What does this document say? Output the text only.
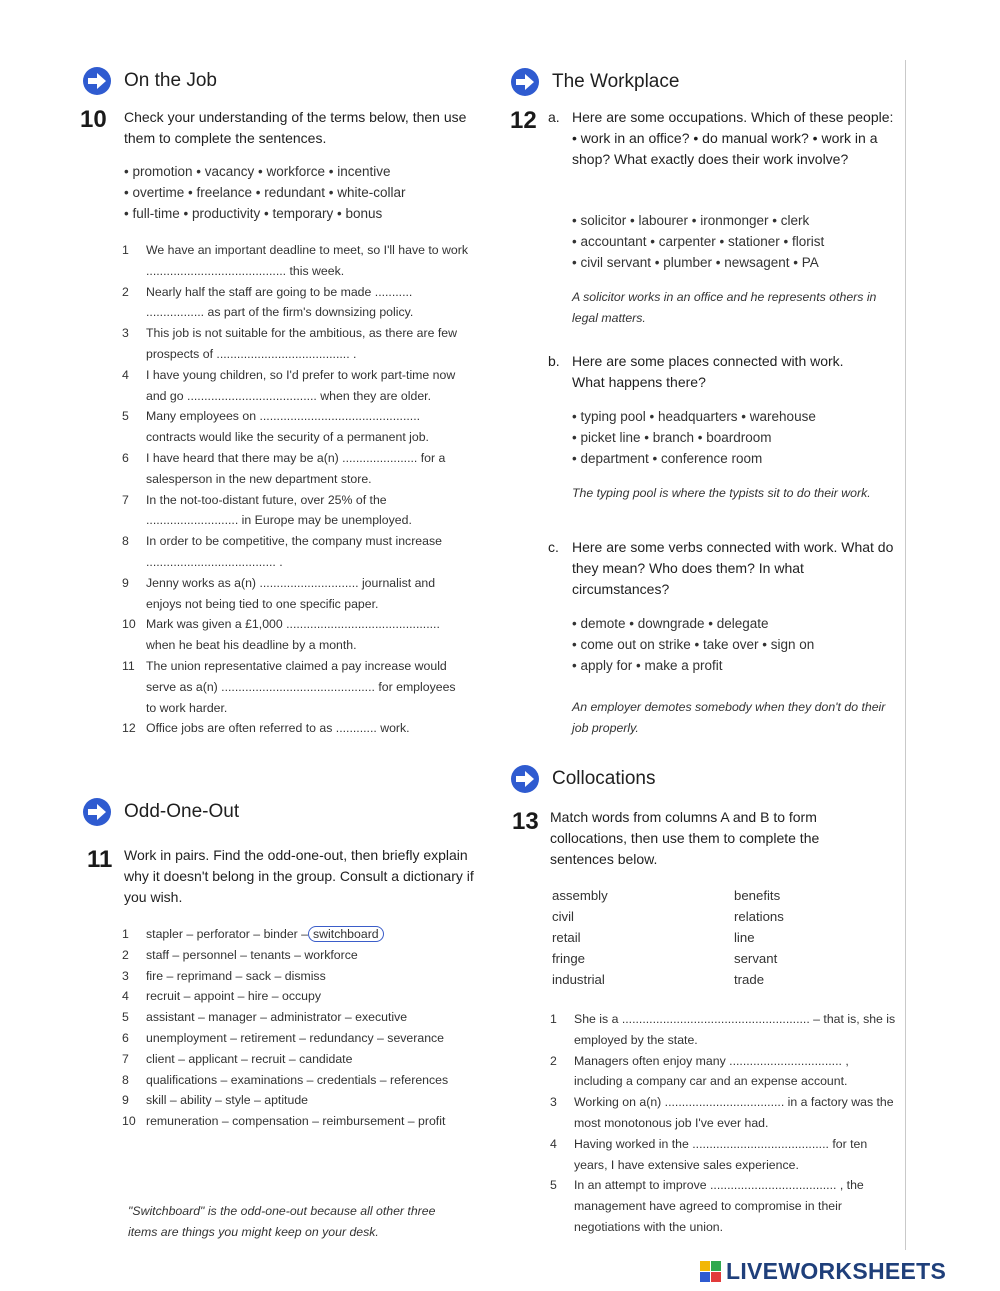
On the Job
10 Check your understanding of the terms below, then use them to complete the sentences.
• promotion • vacancy • workforce • incentive
• overtime • freelance • redundant • white-collar
• full-time • productivity • temporary • bonus
1 We have an important deadline to meet, so I'll have to work ......................................... this week.
2 Nearly half the staff are going to be made ........... ................. as part of the firm's downsizing policy.
3 This job is not suitable for the ambitious, as there are few prospects of ....................................... .
4 I have young children, so I'd prefer to work part-time now and go ...................................... when they are older.
5 Many employees on ............................................... contracts would like the security of a permanent job.
6 I have heard that there may be a(n) ...................... for a salesperson in the new department store.
7 In the not-too-distant future, over 25% of the ........................... in Europe may be unemployed.
8 In order to be competitive, the company must increase ...................................... .
9 Jenny works as a(n) ............................. journalist and enjoys not being tied to one specific paper.
10 Mark was given a £1,000 ............................................. when he beat his deadline by a month.
11 The union representative claimed a pay increase would serve as a(n) ............................................. for employees to work harder.
12 Office jobs are often referred to as ............ work.
Odd-One-Out
11 Work in pairs. Find the odd-one-out, then briefly explain why it doesn't belong in the group. Consult a dictionary if you wish.
1 stapler – perforator – binder – switchboard
2 staff – personnel – tenants – workforce
3 fire – reprimand – sack – dismiss
4 recruit – appoint – hire – occupy
5 assistant – manager – administrator – executive
6 unemployment – retirement – redundancy – severance
7 client – applicant – recruit – candidate
8 qualifications – examinations – credentials – references
9 skill – ability – style – aptitude
10 remuneration – compensation – reimbursement – profit
"Switchboard" is the odd-one-out because all other three items are things you might keep on your desk.
The Workplace
12 a. Here are some occupations. Which of these people: • work in an office? • do manual work? • work in a shop? What exactly does their work involve?
• solicitor • labourer • ironmonger • clerk
• accountant • carpenter • stationer • florist
• civil servant • plumber • newsagent • PA
A solicitor works in an office and he represents others in legal matters.
b. Here are some places connected with work. What happens there?
• typing pool • headquarters • warehouse
• picket line • branch • boardroom
• department • conference room
The typing pool is where the typists sit to do their work.
c. Here are some verbs connected with work. What do they mean? Who does them? In what circumstances?
• demote • downgrade • delegate
• come out on strike • take over • sign on
• apply for • make a profit
An employer demotes somebody when they don't do their job properly.
Collocations
13 Match words from columns A and B to form collocations, then use them to complete the sentences below.
assembly	benefits
civil	relations
retail	line
fringe	servant
industrial	trade
1 She is a ....................................................... – that is, she is employed by the state.
2 Managers often enjoy many ................................. , including a company car and an expense account.
3 Working on a(n) ................................... in a factory was the most monotonous job I've ever had.
4 Having worked in the ........................................ for ten years, I have extensive sales experience.
5 In an attempt to improve ..................................... , the management have agreed to compromise in their negotiations with the union.
LIVEWORKSHEETS
